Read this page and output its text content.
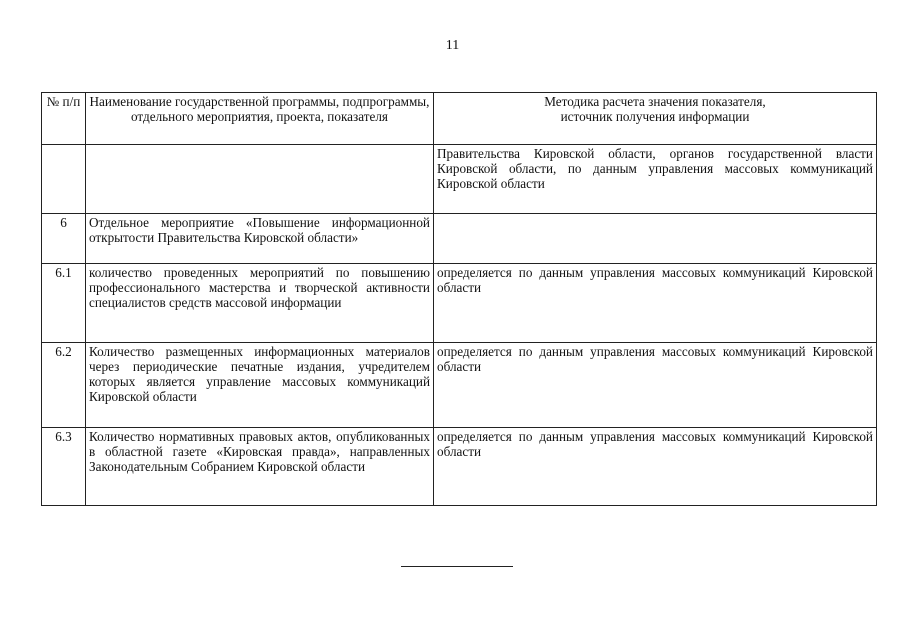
11
№ п/п	Наименование государственной программы, подпрограммы, отдельного мероприятия, проекта, показателя	Методика расчета значения показателя,
источник получения информации

		Правительства Кировской области, органов государственной власти Кировской области, по данным управления массовых коммуникаций Кировской области
6	Отдельное мероприятие «Повышение информационной открытости Правительства Кировской области»	
6.1	количество проведенных мероприятий по повышению профессионального мастерства и творческой активности специалистов средств массовой информации	определяется по данным управления массовых коммуникаций Кировской области
6.2	Количество размещенных информационных материалов через периодические печатные издания, учредителем которых является управление массовых коммуникаций Кировской области	определяется по данным управления массовых коммуникаций Кировской области
6.3	Количество нормативных правовых актов, опубликованных в областной газете «Кировская правда», направленных Законодательным Собранием Кировской области	определяется по данным управления массовых коммуникаций Кировской области
